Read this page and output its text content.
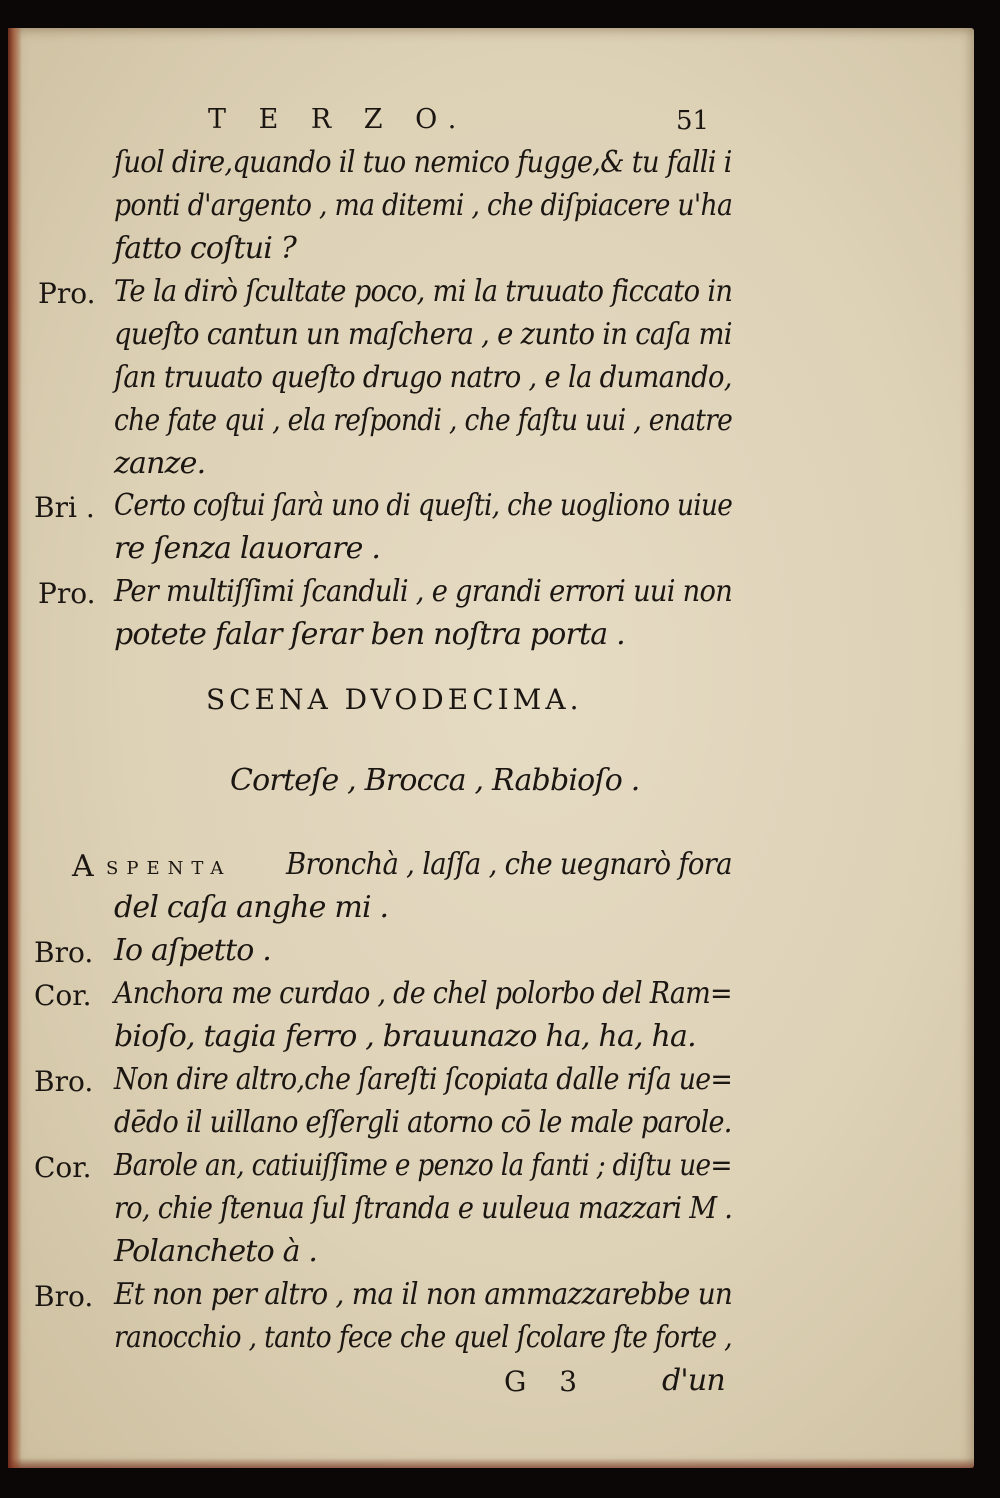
T E R Z O.	51
ſuol dire,quando il tuo nemico fugge,& tu falli i
ponti d'argento , ma ditemi , che diſpiacere u'ha
fatto coſtui ?
Pro. Te la dirò ſcultate poco, mi la truuato ficcato in
queſto cantun un maſchera , e zunto in caſa mi
ſan truuato queſto drugo natro , e la dumando,
che fate qui , ela reſpondi , che faſtu uui , enatre
zanze.
Bri . Certo coſtui ſarà uno di queſti, che uogliono uiue
re ſenza lauorare .
Pro. Per multiſſimi ſcanduli , e grandi errori uui non
potete falar ſerar ben noſtra porta .
SCENA DVODECIMA.
Corteſe , Brocca , Rabbioſo .
A SPENTA Bronchà , laſſa , che uegnarò fora
del caſa anghe mi .
Bro. Io aſpetto .
Cor. Anchora me curdao , de chel polorbo del Ram=
bioſo, tagia ferro , brauunazo ha, ha, ha.
Bro. Non dire altro,che ſareſti ſcopiata dalle riſa ue=
dēdo il uillano eſſergli atorno cō le male parole.
Cor. Barole an, catiuiſſime e penzo la fanti ; diſtu ue=
ro, chie ſtenua ſul ſtranda e uuleua mazzari M .
Polancheto à .
Bro. Et non per altro , ma il non ammazzarebbe un
ranocchio , tanto fece che quel ſcolare ſte forte ,
G 3 d'un
